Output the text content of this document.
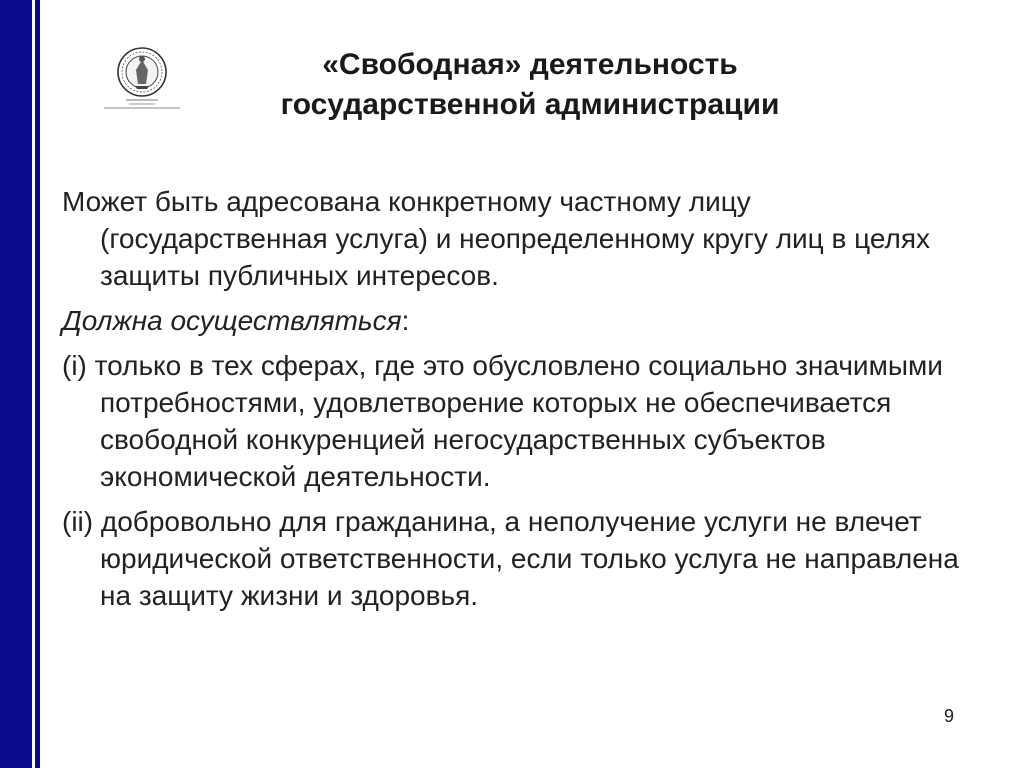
«Свободная» деятельность
государственной администрации

Может быть адресована конкретному частному лицу (государственная услуга) и неопределенному кругу лиц в целях защиты публичных интересов.

Должна осуществляться:

(i) только в тех сферах, где это обусловлено социально значимыми потребностями, удовлетворение которых не обеспечивается свободной конкуренцией негосударственных субъектов экономической деятельности.

(ii) добровольно для гражданина, а неполучение услуги не влечет юридической ответственности, если только услуга не направлена на защиту жизни и здоровья.

9
